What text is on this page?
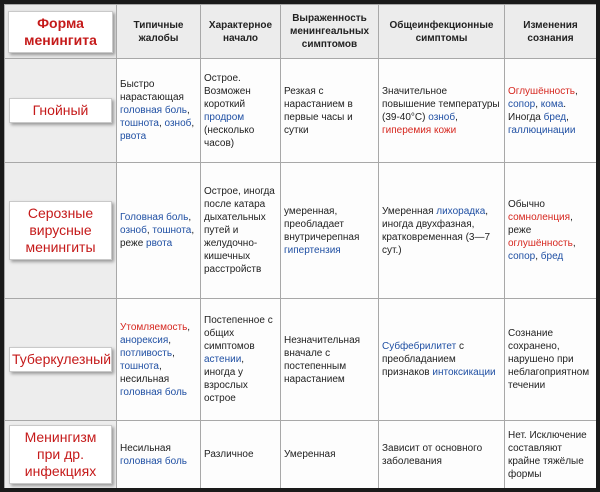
Форма менингита	Типичные жалобы	Характерное начало	Выраженность менингеальных симптомов	Общеинфекционные симптомы	Изменения сознания

Гнойный	Быстро нарастающая головная боль, тошнота, озноб, рвота	Острое. Возможен короткий продром (несколько часов)	Резкая с нарастанием в первые часы и сутки	Значительное повышение температуры (39-40°C) озноб, гиперемия кожи	Оглушённость, сопор, кома. Иногда бред, галлюцинации

Серозные вирусные менингиты	Головная боль, озноб, тошнота, реже рвота	Острое, иногда после катара дыхательных путей и желудочно-кишечных расстройств	умеренная, преобладает внутричерепная гипертензия	Умеренная лихорадка, иногда двухфазная, кратковременная (3—7 сут.)	Обычно сомноленция, реже оглушённость, сопор, бред

Туберкулезный	Утомляемость, анорексия, потливость, тошнота, несильная головная боль	Постепенное с общих симптомов астении, иногда у взрослых острое	Незначительная вначале с постепенным нарастанием	Субфебрилитет с преобладанием признаков интоксикации	Сознание сохранено, нарушено при неблагоприятном течении

Менингизм при др. инфекциях	Несильная головная боль	Различное	Умеренная	Зависит от основного заболевания	Нет. Исключение составляют крайне тяжёлые формы
